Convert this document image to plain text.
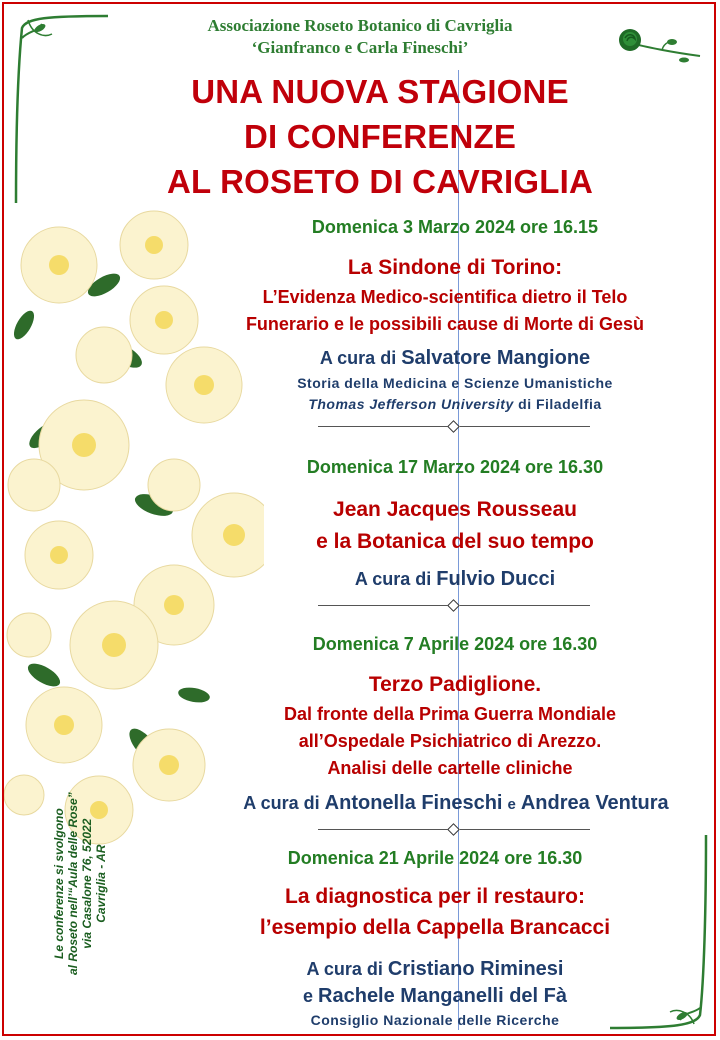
Associazione Roseto Botanico di Cavriglia
‘Gianfranco e Carla Fineschi’
UNA NUOVA STAGIONE
DI CONFERENZE
AL ROSETO DI CAVRIGLIA
Domenica 3 Marzo 2024 ore 16.15
La Sindone di Torino:
L’Evidenza Medico-scientifica dietro il Telo
Funerario e le possibili cause di Morte di Gesù
A cura di Salvatore Mangione
Storia della Medicina e Scienze Umanistiche
Thomas Jefferson University di Filadelfia
Domenica 17 Marzo 2024 ore 16.30
Jean Jacques Rousseau
e la Botanica del suo tempo
A cura di Fulvio Ducci
Domenica 7 Aprile 2024 ore 16.30
Terzo Padiglione.
Dal fronte della Prima Guerra Mondiale
all’Ospedale Psichiatrico di Arezzo.
Analisi delle cartelle cliniche
A cura di Antonella Fineschi e Andrea Ventura
Domenica 21 Aprile 2024 ore 16.30
La diagnostica per il restauro:
l’esempio della Cappella Brancacci
A cura di Cristiano Riminesi
e Rachele Manganelli del Fà
Consiglio Nazionale delle Ricerche
Le conferenze si svolgono al Roseto nell’“Aula delle Rose” via Casalone 76, 52022 Cavriglia - AR
